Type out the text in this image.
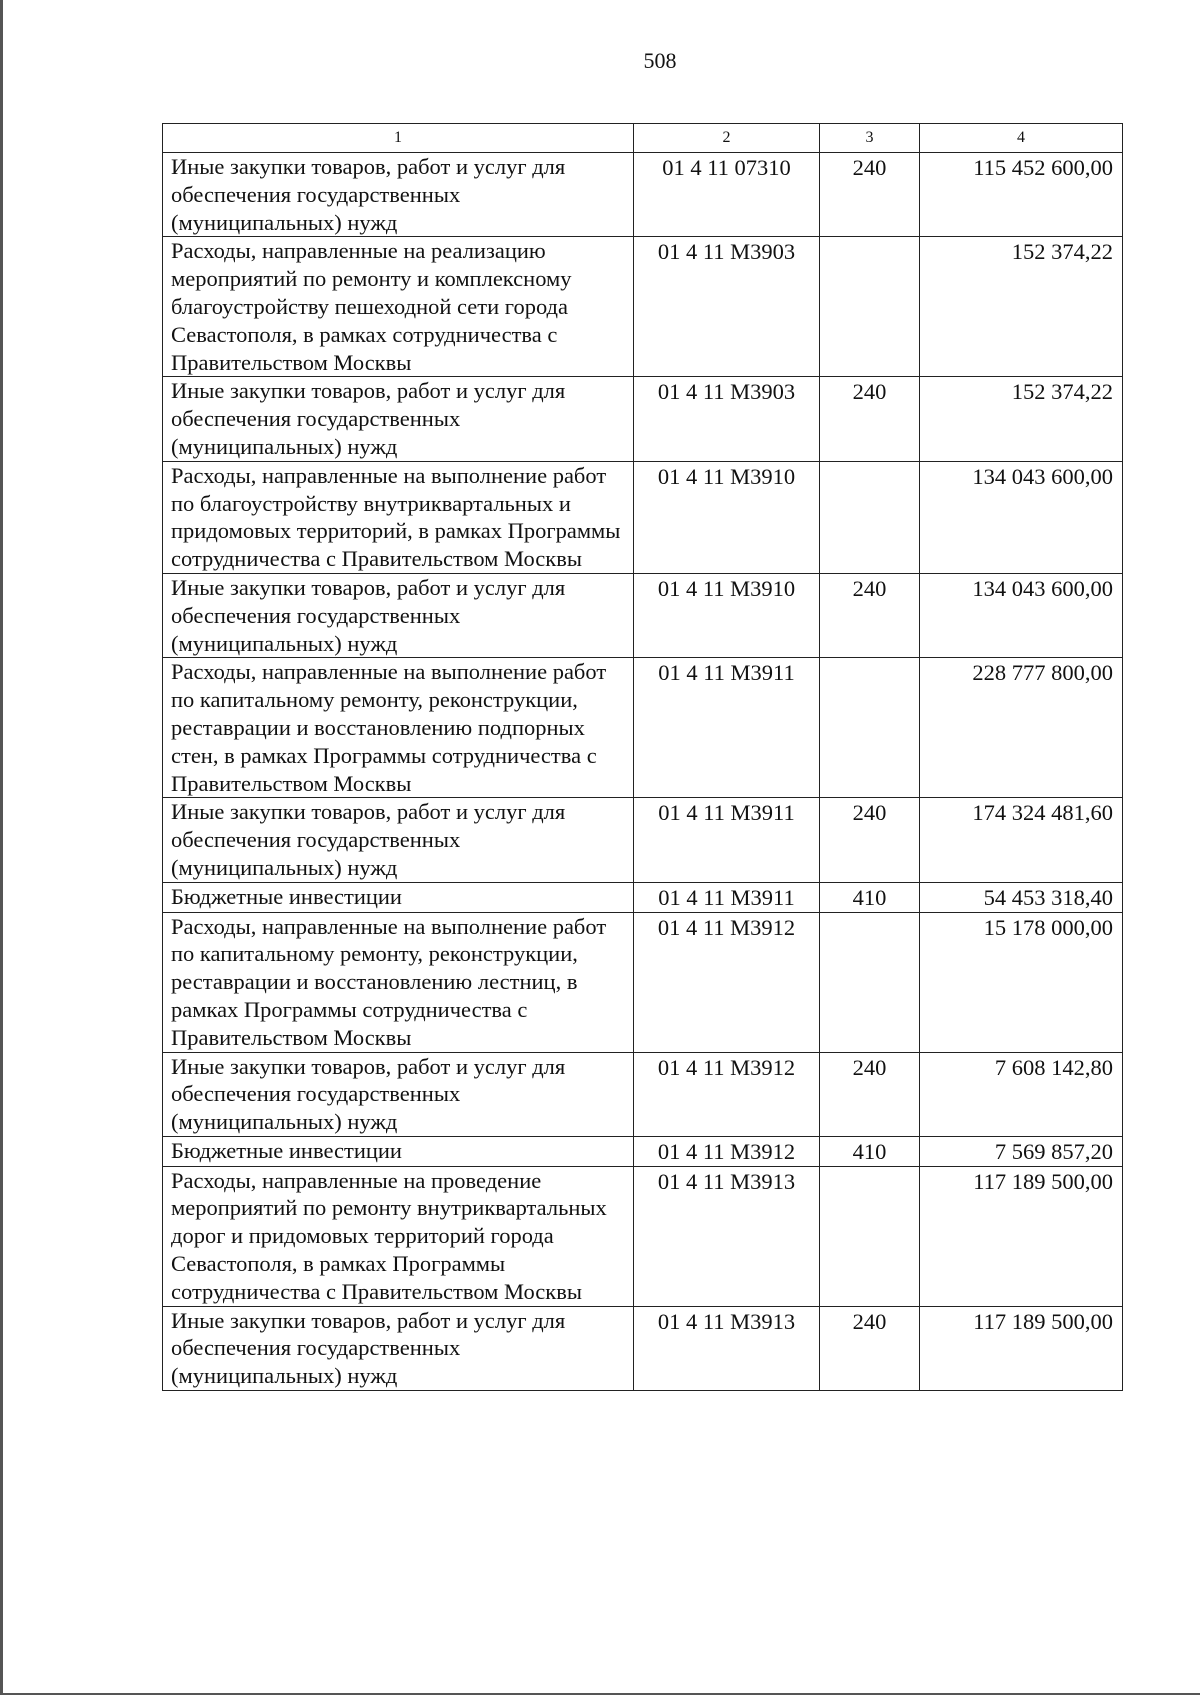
508
1	2	3	4
Иные закупки товаров, работ и услуг для обеспечения государственных (муниципальных) нужд	01 4 11 07310	240	115 452 600,00
Расходы, направленные на реализацию мероприятий по ремонту и комплексному благоустройству пешеходной сети города Севастополя, в рамках сотрудничества с Правительством Москвы	01 4 11 М3903		152 374,22
Иные закупки товаров, работ и услуг для обеспечения государственных (муниципальных) нужд	01 4 11 М3903	240	152 374,22
Расходы, направленные на выполнение работ по благоустройству внутриквартальных и придомовых территорий, в рамках Программы сотрудничества с Правительством Москвы	01 4 11 М3910		134 043 600,00
Иные закупки товаров, работ и услуг для обеспечения государственных (муниципальных) нужд	01 4 11 М3910	240	134 043 600,00
Расходы, направленные на выполнение работ по капитальному ремонту, реконструкции, реставрации и восстановлению подпорных стен, в рамках Программы сотрудничества с Правительством Москвы	01 4 11 М3911		228 777 800,00
Иные закупки товаров, работ и услуг для обеспечения государственных (муниципальных) нужд	01 4 11 М3911	240	174 324 481,60
Бюджетные инвестиции	01 4 11 М3911	410	54 453 318,40
Расходы, направленные на выполнение работ по капитальному ремонту, реконструкции, реставрации и восстановлению лестниц, в рамках Программы сотрудничества с Правительством Москвы	01 4 11 М3912		15 178 000,00
Иные закупки товаров, работ и услуг для обеспечения государственных (муниципальных) нужд	01 4 11 М3912	240	7 608 142,80
Бюджетные инвестиции	01 4 11 М3912	410	7 569 857,20
Расходы, направленные на проведение мероприятий по ремонту внутриквартальных дорог и придомовых территорий города Севастополя, в рамках Программы сотрудничества с Правительством Москвы	01 4 11 М3913		117 189 500,00
Иные закупки товаров, работ и услуг для обеспечения государственных (муниципальных) нужд	01 4 11 М3913	240	117 189 500,00
